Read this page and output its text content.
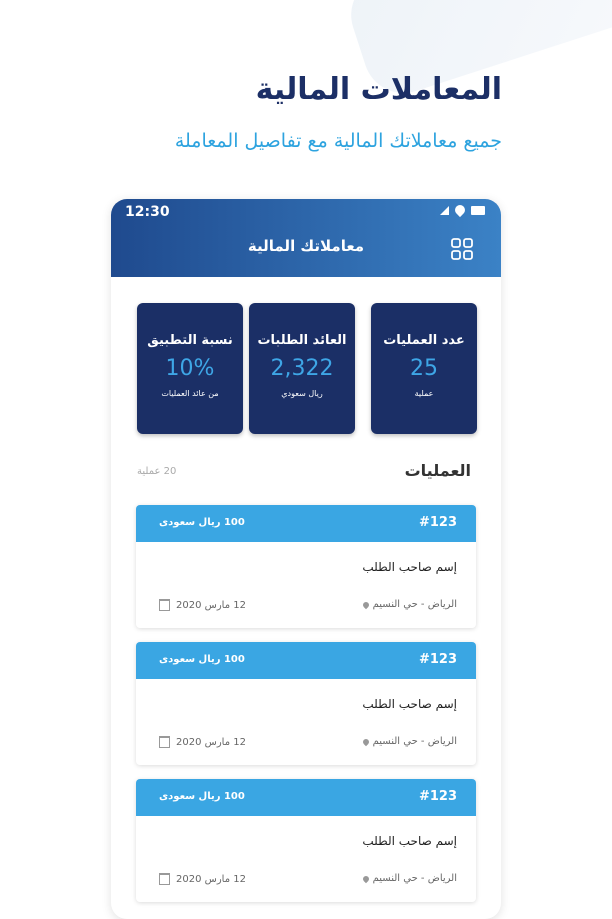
المعاملات المالية
جميع معاملاتك المالية مع تفاصيل المعاملة
12:30
معاملاتك المالية
عدد العمليات
25
عملية
العائد الطلبات
2,322
ريال سعودي
نسبة التطبيق
10%
من عائد العمليات
العمليات
20 عملية
#123
100 ريال سعودى
إسم صاحب الطلب
الرياض - حي النسيم
12 مارس 2020
#123
100 ريال سعودى
إسم صاحب الطلب
الرياض - حي النسيم
12 مارس 2020
#123
100 ريال سعودى
إسم صاحب الطلب
الرياض - حي النسيم
12 مارس 2020
